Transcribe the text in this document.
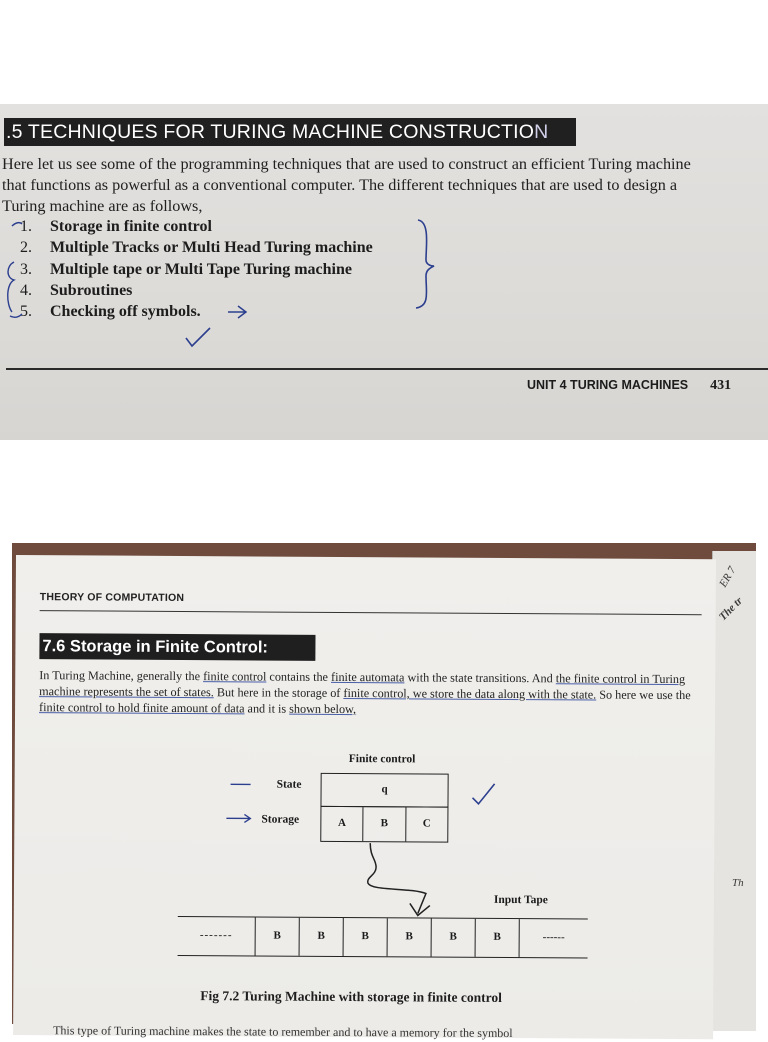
.5 TECHNIQUES FOR TURING MACHINE CONSTRUCTION
Here let us see some of the programming techniques that are used to construct an efficient Turing machine
that functions as powerful as a conventional computer. The different techniques that are used to design a
Turing machine are as follows,
1. Storage in finite control
2. Multiple Tracks or Multi Head Turing machine
3. Multiple tape or Multi Tape Turing machine
4. Subroutines
5. Checking off symbols.
UNIT 4 TURING MACHINES 431
ER 7
The tr
Th
THEORY OF COMPUTATION
7.6 Storage in Finite Control:
In Turing Machine, generally the finite control contains the finite automata with the state transitions. And the finite control in Turing machine represents the set of states. But here in the storage of finite control, we store the data along with the state. So here we use the finite control to hold finite amount of data and it is shown below,
Finite control
State
Storage
q
A	B	C
Input Tape
-------	B	B	B	B	B	B	------
Fig 7.2 Turing Machine with storage in finite control
This type of Turing machine makes the state to remember and to have a memory for the symbol
